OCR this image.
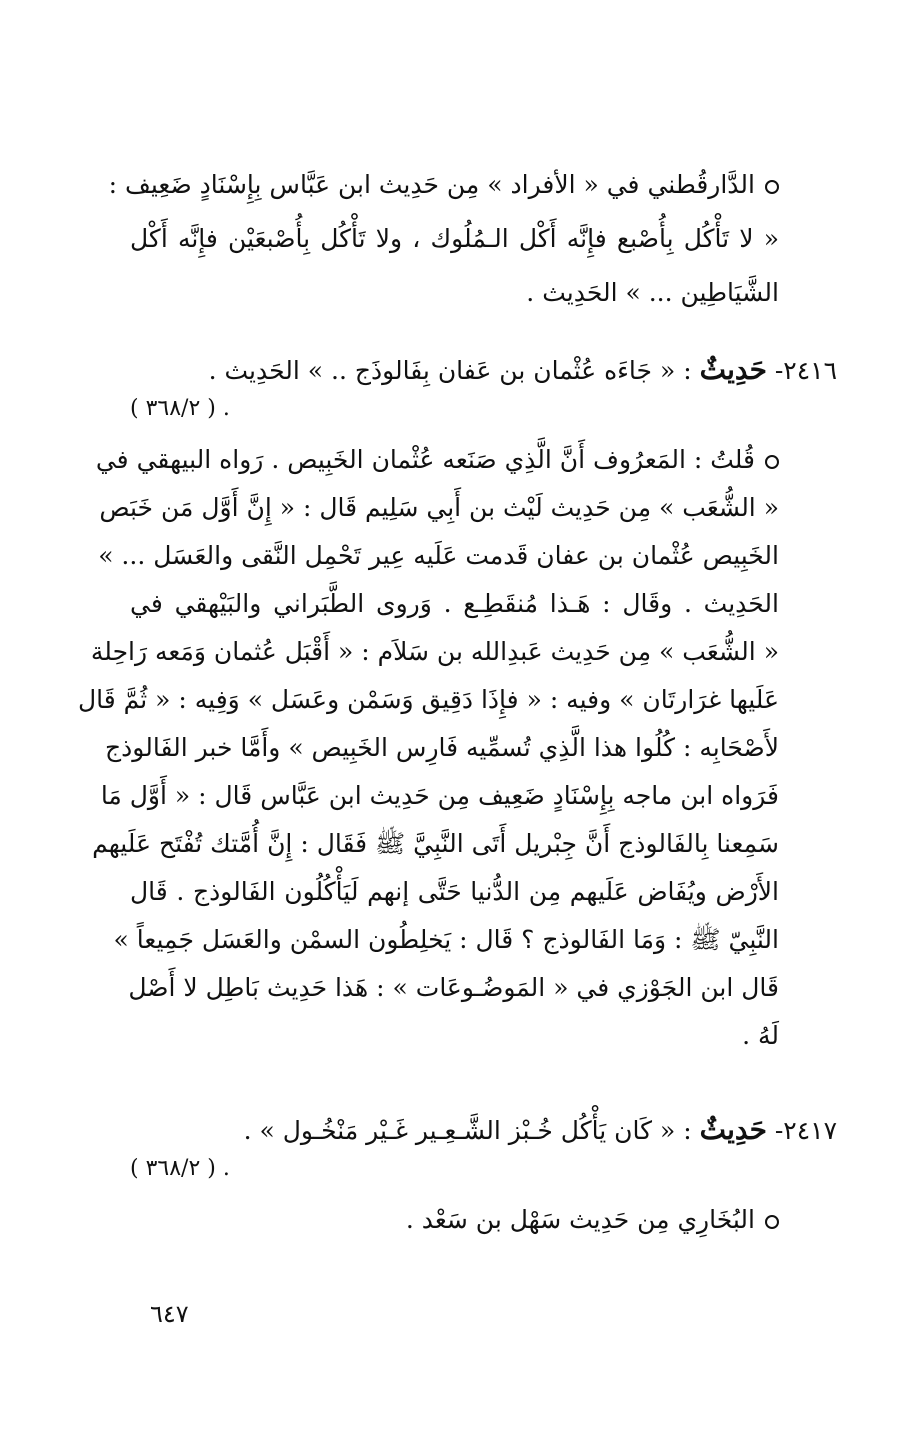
الدَّارقُطني في « الأفراد » مِن حَدِيث ابن عَبَّاس بِإِسْنَادٍ ضَعِيف :
« لا تَأْكُل بِأُصْبع فإِنَّه أَكْل الـمُلُوك ، ولا تَأْكُل بِأُصْبعَيْن فإِنَّه أَكْل
الشَّيَاطِين ... » الحَدِيث .
٢٤١٦- حَدِيثٌ : « جَاءَه عُثْمان بن عَفان بِفَالوذَج .. » الحَدِيث .
. ( ٣٦٨/٢ )
قُلتُ : المَعرُوف أَنَّ الَّذِي صَنَعه عُثْمان الخَبِيص . رَواه البيهقي في
« الشُّعَب » مِن حَدِيث لَيْث بن أَبِي سَلِيم قَال : « إِنَّ أَوَّل مَن خَبَص
الخَبِيص عُثْمان بن عفان قَدمت عَلَيه عِير تَحْمِل النَّقى والعَسَل ... »
الحَدِيث . وقَال : هَـذا مُنقَطِـع . وَروى الطَّبَراني والبَيْهقي في
« الشُّعَب » مِن حَدِيث عَبدِالله بن سَلاَم : « أَقْبَل عُثمان وَمَعه رَاحِلة
عَلَيها غرَارتَان » وفيه : « فإِذَا دَقِيق وَسَمْن وعَسَل » وَفِيه : « ثُمَّ قَال
لأَصْحَابِه : كُلُوا هذا الَّذِي تُسمِّيه فَارِس الخَبِيص » وأَمَّا خبر الفَالوذج
فَرَواه ابن ماجه بِإِسْنَادٍ ضَعِيف مِن حَدِيث ابن عَبَّاس قَال : « أَوَّل مَا
سَمِعنا بِالفَالوذج أَنَّ جِبْريل أَتَى النَّبِيَّ ﷺ فَقَال : إِنَّ أُمَّتك تُفْتَح عَلَيهم
الأَرْض ويُفَاض عَلَيهم مِن الدُّنيا حَتَّى إنهم لَيَأْكُلُون الفَالوذج . قَال
النَّبِيّ ﷺ : وَمَا الفَالوذج ؟ قَال : يَخلِطُون السمْن والعَسَل جَمِيعاً »
قَال ابن الجَوْزي في « المَوضُـوعَات » : هَذا حَدِيث بَاطِل لا أَصْل
لَهُ .
٢٤١٧- حَدِيثٌ : « كَان يَأْكُل خُـبْز الشَّـعِـير غَـيْر مَنْخُـول » .
. ( ٣٦٨/٢ )
البُخَارِي مِن حَدِيث سَهْل بن سَعْد .
٦٤٧
